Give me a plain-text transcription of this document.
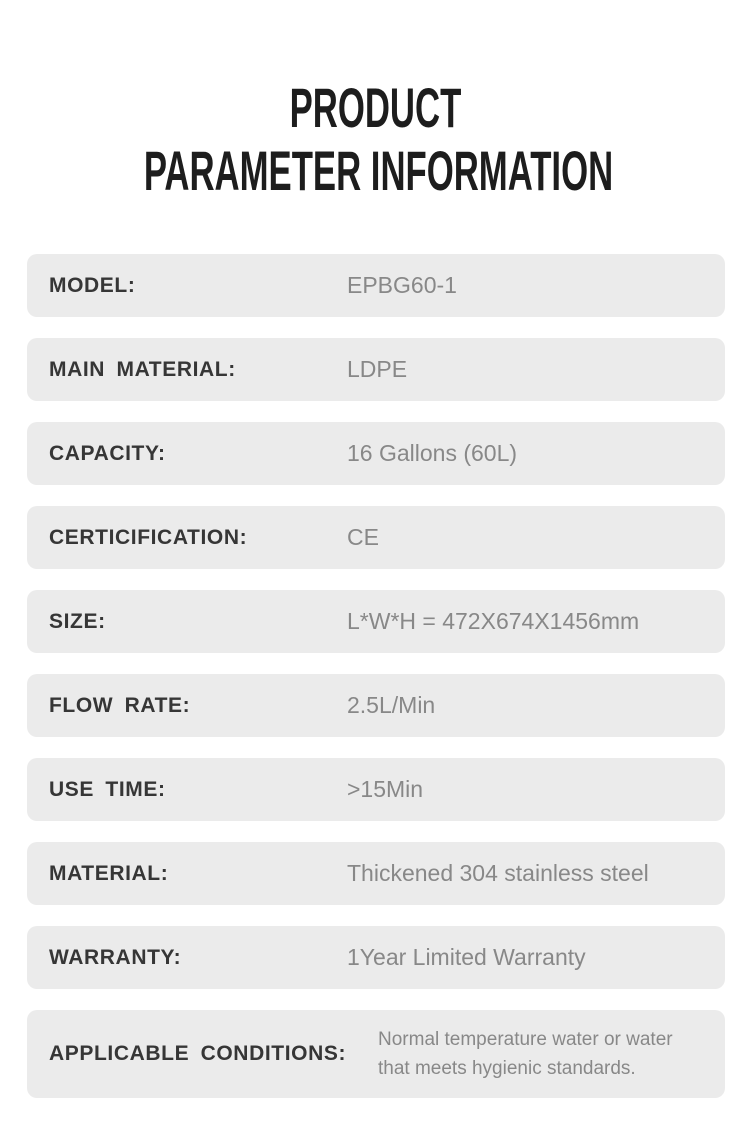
PRODUCT
PARAMETER INFORMATION
MODEL:	EPBG60-1
MAIN MATERIAL:	LDPE
CAPACITY:	16 Gallons (60L)
CERTICIFICATION:	CE
SIZE:	L*W*H = 472X674X1456mm
FLOW RATE:	2.5L/Min
USE TIME:	>15Min
MATERIAL:	Thickened 304 stainless steel
WARRANTY:	1Year Limited Warranty
APPLICABLE CONDITIONS:
Normal temperature water or water that meets hygienic standards.
